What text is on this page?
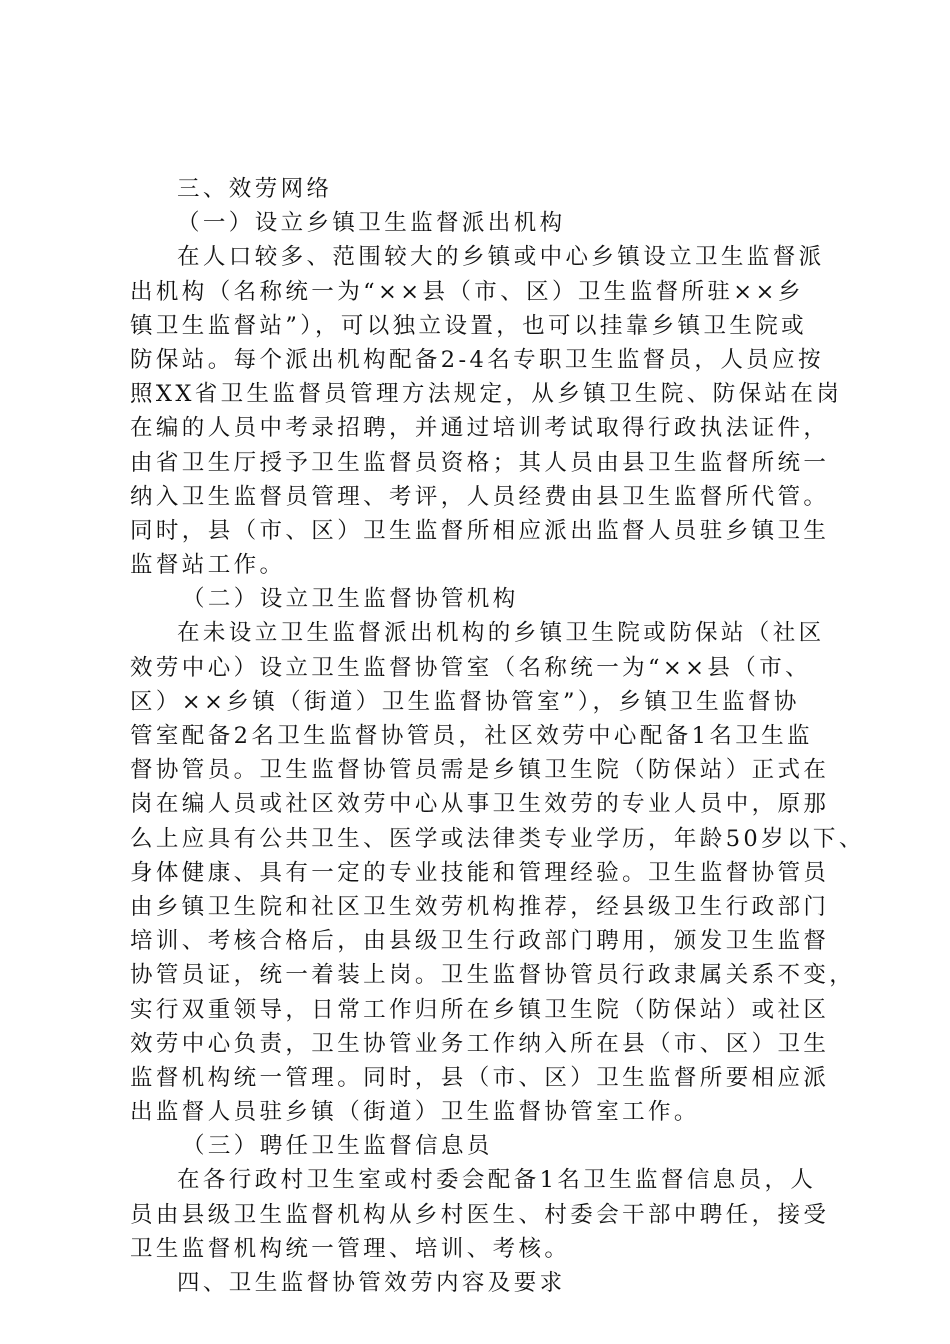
三、效劳网络
（一）设立乡镇卫生监督派出机构
在人口较多、范围较大的乡镇或中心乡镇设立卫生监督派
出机构（名称统一为“××县（市、区）卫生监督所驻××乡
镇卫生监督站”），可以独立设置，也可以挂靠乡镇卫生院或
防保站。每个派出机构配备2-4名专职卫生监督员，人员应按
照XX省卫生监督员管理方法规定，从乡镇卫生院、防保站在岗
在编的人员中考录招聘，并通过培训考试取得行政执法证件，
由省卫生厅授予卫生监督员资格；其人员由县卫生监督所统一
纳入卫生监督员管理、考评，人员经费由县卫生监督所代管。
同时，县（市、区）卫生监督所相应派出监督人员驻乡镇卫生
监督站工作。
（二）设立卫生监督协管机构
在未设立卫生监督派出机构的乡镇卫生院或防保站（社区
效劳中心）设立卫生监督协管室（名称统一为“××县（市、
区）××乡镇（街道）卫生监督协管室”），乡镇卫生监督协
管室配备2名卫生监督协管员，社区效劳中心配备1名卫生监
督协管员。卫生监督协管员需是乡镇卫生院（防保站）正式在
岗在编人员或社区效劳中心从事卫生效劳的专业人员中，原那
么上应具有公共卫生、医学或法律类专业学历，年龄50岁以下、
身体健康、具有一定的专业技能和管理经验。卫生监督协管员
由乡镇卫生院和社区卫生效劳机构推荐，经县级卫生行政部门
培训、考核合格后，由县级卫生行政部门聘用，颁发卫生监督
协管员证，统一着装上岗。卫生监督协管员行政隶属关系不变，
实行双重领导，日常工作归所在乡镇卫生院（防保站）或社区
效劳中心负责，卫生协管业务工作纳入所在县（市、区）卫生
监督机构统一管理。同时，县（市、区）卫生监督所要相应派
出监督人员驻乡镇（街道）卫生监督协管室工作。
（三）聘任卫生监督信息员
在各行政村卫生室或村委会配备1名卫生监督信息员，人
员由县级卫生监督机构从乡村医生、村委会干部中聘任，接受
卫生监督机构统一管理、培训、考核。
四、卫生监督协管效劳内容及要求
